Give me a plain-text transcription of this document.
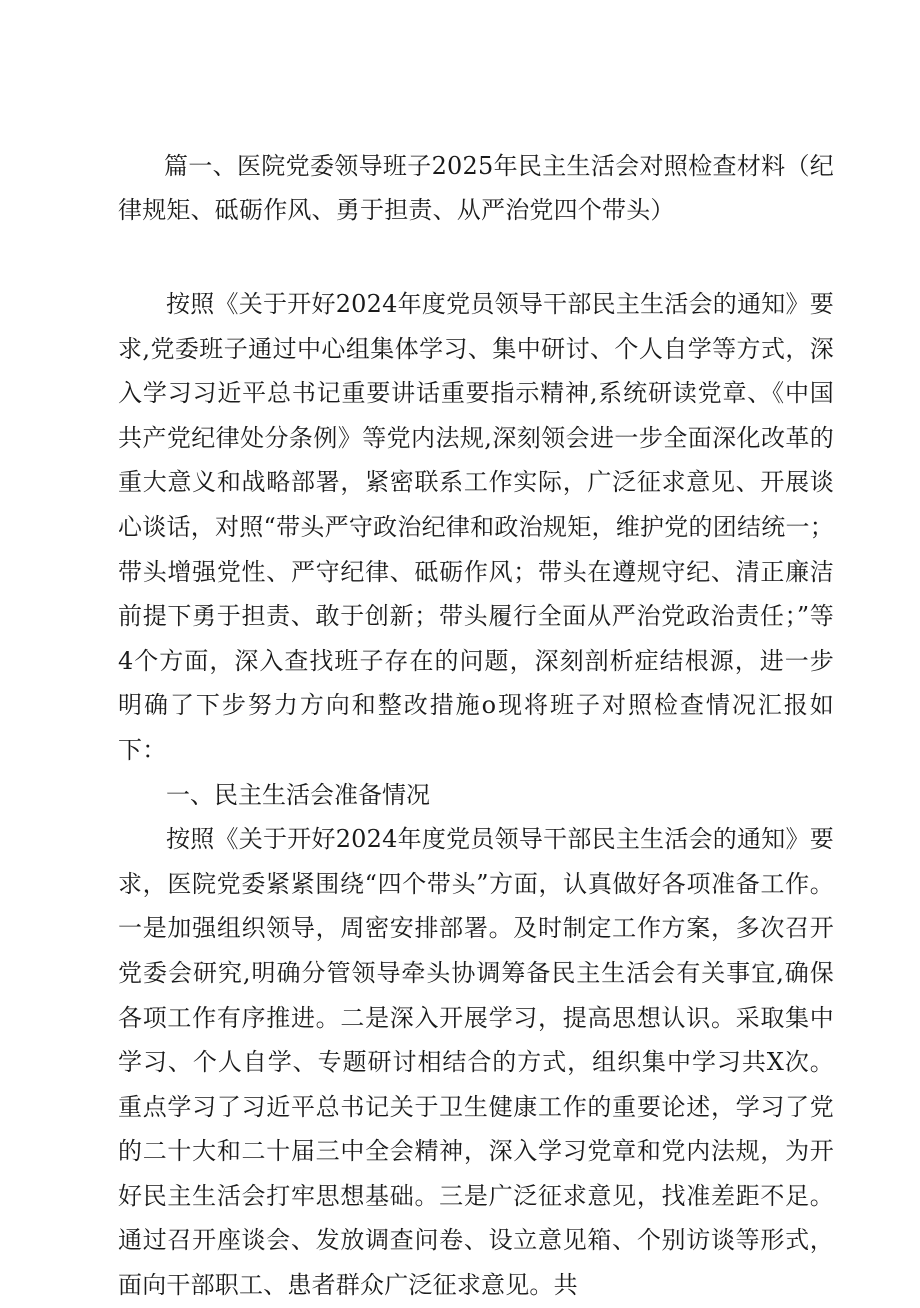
篇一、医院党委领导班子2025年民主生活会对照检查材料（纪律规矩、砥砺作风、勇于担责、从严治党四个带头）

按照《关于开好2024年度党员领导干部民主生活会的通知》要求,党委班子通过中心组集体学习、集中研讨、个人自学等方式，深入学习习近平总书记重要讲话重要指示精神,系统研读党章、《中国共产党纪律处分条例》等党内法规,深刻领会进一步全面深化改革的重大意义和战略部署，紧密联系工作实际，广泛征求意见、开展谈心谈话，对照“带头严守政治纪律和政治规矩，维护党的团结统一；带头增强党性、严守纪律、砥砺作风；带头在遵规守纪、清正廉洁前提下勇于担责、敢于创新；带头履行全面从严治党政治责任；”等4个方面，深入查找班子存在的问题，深刻剖析症结根源，进一步明确了下步努力方向和整改措施o现将班子对照检查情况汇报如下：

一、民主生活会准备情况

按照《关于开好2024年度党员领导干部民主生活会的通知》要求，医院党委紧紧围绕“四个带头”方面，认真做好各项准备工作。一是加强组织领导，周密安排部署。及时制定工作方案，多次召开党委会研究,明确分管领导牵头协调筹备民主生活会有关事宜,确保各项工作有序推进。二是深入开展学习，提高思想认识。采取集中学习、个人自学、专题研讨相结合的方式，组织集中学习共X次。重点学习了习近平总书记关于卫生健康工作的重要论述，学习了党的二十大和二十届三中全会精神，深入学习党章和党内法规，为开好民主生活会打牢思想基础。三是广泛征求意见，找准差距不足。通过召开座谈会、发放调查问卷、设立意见箱、个别访谈等形式，面向干部职工、患者群众广泛征求意见。共
